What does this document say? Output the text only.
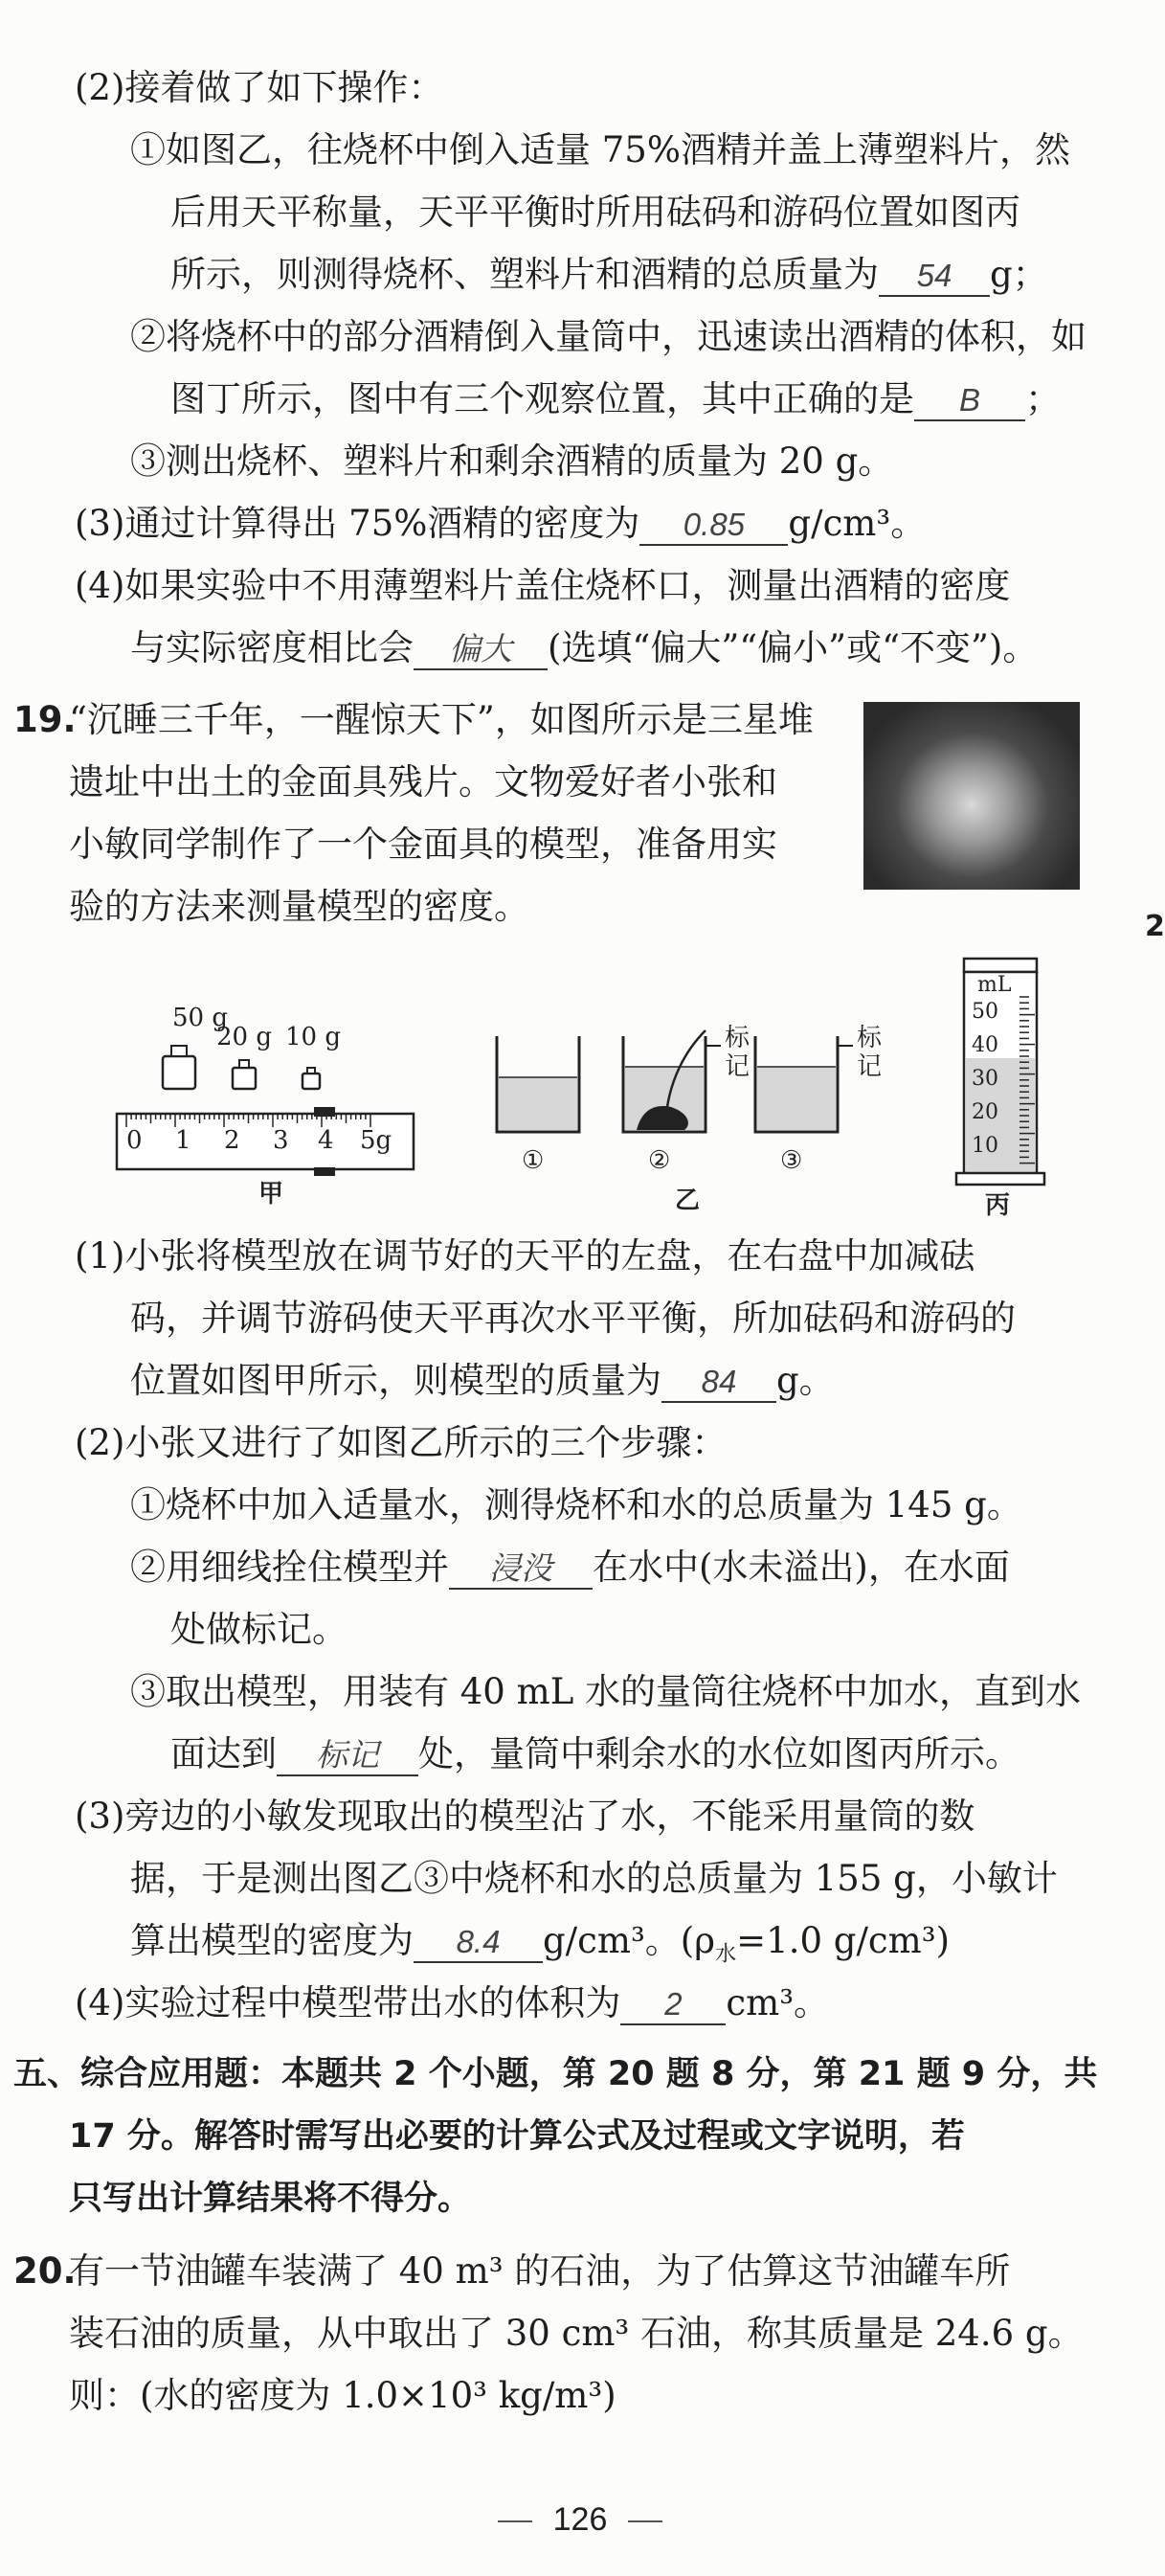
(2)接着做了如下操作：
①如图乙，往烧杯中倒入适量 75%酒精并盖上薄塑料片，然
后用天平称量，天平平衡时所用砝码和游码位置如图丙
所示，则测得烧杯、塑料片和酒精的总质量为 54 g；
②将烧杯中的部分酒精倒入量筒中，迅速读出酒精的体积，如
图丁所示，图中有三个观察位置，其中正确的是 B ；
③测出烧杯、塑料片和剩余酒精的质量为 20 g。
(3)通过计算得出 75%酒精的密度为 0.85 g/cm³。
(4)如果实验中不用薄塑料片盖住烧杯口，测量出酒精的密度
与实际密度相比会 偏大 (选填“偏大”“偏小”或“不变”)。
19.
“沉睡三千年，一醒惊天下”，如图所示是三星堆
遗址中出土的金面具残片。文物爱好者小张和
小敏同学制作了一个金面具的模型，准备用实
验的方法来测量模型的密度。	2
50 g
20 g 10 g
0 1 2 3 4 5g
甲
①
标
记
②
标
记
③
乙
mL
50
40
30
20
10
丙
(1)小张将模型放在调节好的天平的左盘，在右盘中加减砝
码，并调节游码使天平再次水平平衡，所加砝码和游码的
位置如图甲所示，则模型的质量为 84 g。
(2)小张又进行了如图乙所示的三个步骤：
①烧杯中加入适量水，测得烧杯和水的总质量为 145 g。
②用细线拴住模型并 浸没 在水中(水未溢出)，在水面
处做标记。
③取出模型，用装有 40 mL 水的量筒往烧杯中加水，直到水
面达到 标记 处，量筒中剩余水的水位如图丙所示。
(3)旁边的小敏发现取出的模型沾了水，不能采用量筒的数
据，于是测出图乙③中烧杯和水的总质量为 155 g，小敏计
算出模型的密度为 8.4 g/cm³。($\rho_水=1.0$ g/cm³)
(4)实验过程中模型带出水的体积为 2 cm³。
五、综合应用题：本题共 2 个小题，第 20 题 8 分，第 21 题 9 分，共
17 分。解答时需写出必要的计算公式及过程或文字说明，若
只写出计算结果将不得分。
20.
有一节油罐车装满了 40 m³ 的石油，为了估算这节油罐车所
装石油的质量，从中取出了 30 cm³ 石油，称其质量是 24.6 g。
则：(水的密度为 1.0×10³ kg/m³)
126
